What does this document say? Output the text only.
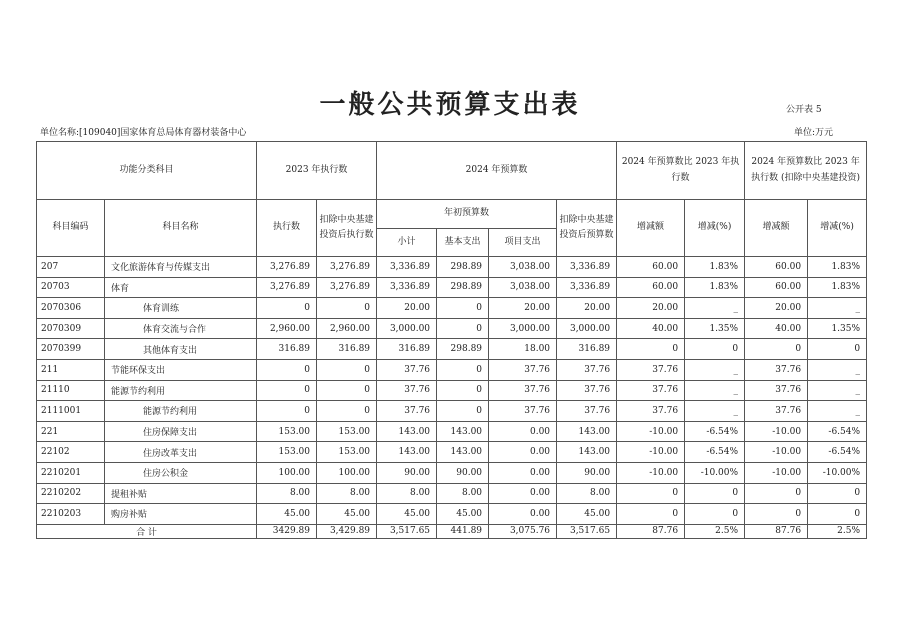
一般公共预算支出表	公开表 5
单位名称:[109040]国家体育总局体育器材装备中心	单位:万元
功能分类科目		2023 年执行数		2024 年预算数				2024 年预算数比 2023 年执行数		2024 年预算数比 2023 年执行数 (扣除中央基建投资)	
科目编码	科目名称	执行数	扣除中央基建投资后执行数	年初预算数			扣除中央基建投资后预算数	增减额	增减(%)	增减额	增减(%)
				小计	基本支出	项目支出					
207	文化旅游体育与传媒支出	3,276.89	3,276.89	3,336.89	298.89	3,038.00	3,336.89	60.00	1.83%	60.00	1.83%
20703	体育	3,276.89	3,276.89	3,336.89	298.89	3,038.00	3,336.89	60.00	1.83%	60.00	1.83%
2070306	体育训练	0	0	20.00	0	20.00	20.00	20.00	_	20.00	_
2070309	体育交流与合作	2,960.00	2,960.00	3,000.00	0	3,000.00	3,000.00	40.00	1.35%	40.00	1.35%
2070399	其他体育支出	316.89	316.89	316.89	298.89	18.00	316.89	0	0	0	0
211	节能环保支出	0	0	37.76	0	37.76	37.76	37.76	_	37.76	_
21110	能源节约利用	0	0	37.76	0	37.76	37.76	37.76	_	37.76	_
2111001	能源节约利用	0	0	37.76	0	37.76	37.76	37.76	_	37.76	_
221	住房保障支出	153.00	153.00	143.00	143.00	0.00	143.00	-10.00	-6.54%	-10.00	-6.54%
22102	住房改革支出	153.00	153.00	143.00	143.00	0.00	143.00	-10.00	-6.54%	-10.00	-6.54%
2210201	住房公积金	100.00	100.00	90.00	90.00	0.00	90.00	-10.00	-10.00%	-10.00	-10.00%
2210202	提租补贴	8.00	8.00	8.00	8.00	0.00	8.00	0	0	0	0
2210203	购房补贴	45.00	45.00	45.00	45.00	0.00	45.00	0	0	0	0
合 计		3429.89	3,429.89	3,517.65	441.89	3,075.76	3,517.65	87.76	2.5%	87.76	2.5%
